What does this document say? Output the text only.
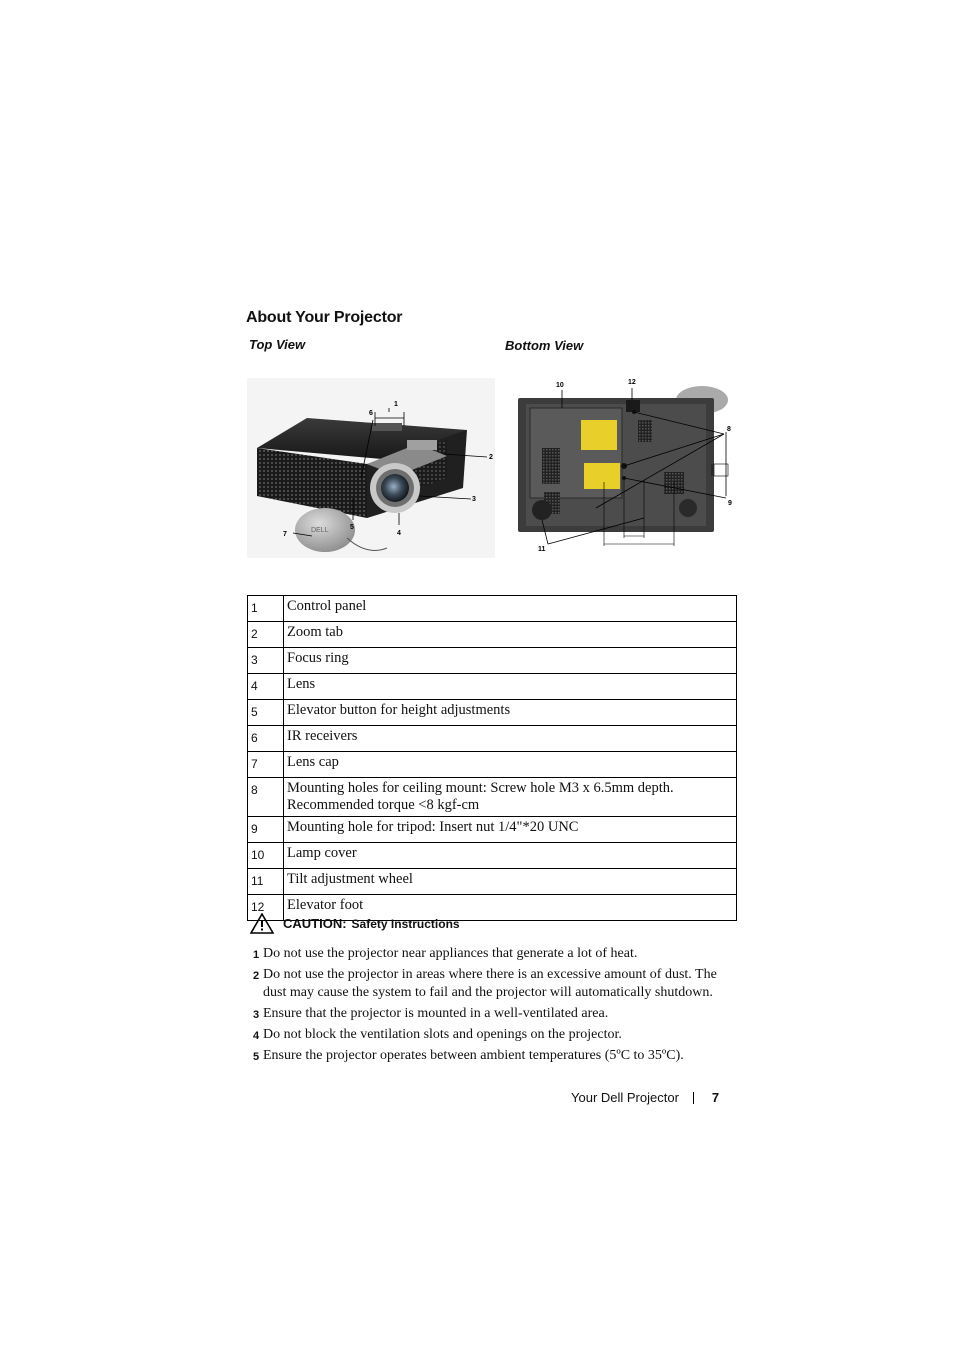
About Your Projector
Top View	Bottom View
DELL
1
6
2
3
5
4
7
10	12
8
9
11
1	Control panel
2	Zoom tab
3	Focus ring
4	Lens
5	Elevator button for height adjustments
6	IR receivers
7	Lens cap
8	Mounting holes for ceiling mount: Screw hole M3 x 6.5mm depth. Recommended torque <8 kgf-cm
9	Mounting hole for tripod: Insert nut 1/4"*20 UNC
10	Lamp cover
11	Tilt adjustment wheel
12	Elevator foot
CAUTION: Safety Instructions
1 Do not use the projector near appliances that generate a lot of heat.
2 Do not use the projector in areas where there is an excessive amount of dust. The dust may cause the system to fail and the projector will automatically shutdown.
3 Ensure that the projector is mounted in a well-ventilated area.
4 Do not block the ventilation slots and openings on the projector.
5 Ensure the projector operates between ambient temperatures (5ºC to 35ºC).
Your Dell Projector	7
